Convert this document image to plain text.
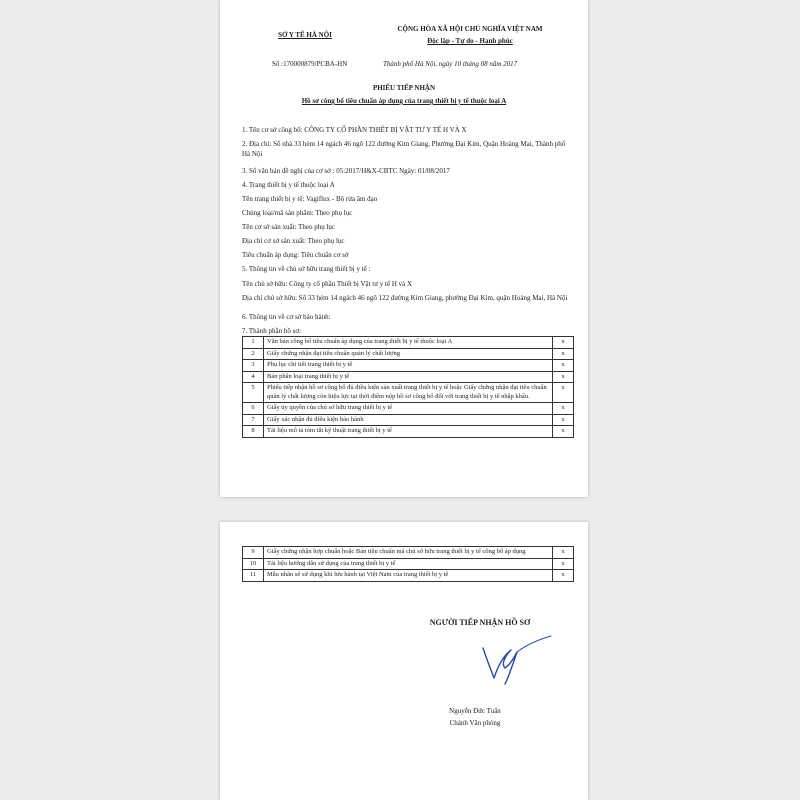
SỞ Y TẾ HÀ NỘI
CỘNG HÒA XÃ HỘI CHỦ NGHĨA VIỆT NAM
Độc lập - Tự do - Hạnh phúc
Số :170000879/PCBA-HN	Thành phố Hà Nội, ngày 10 tháng 08 năm 2017
PHIẾU TIẾP NHẬN
Hồ sơ công bố tiêu chuẩn áp dụng của trang thiết bị y tế thuộc loại A
1. Tên cơ sở công bố: CÔNG TY CỔ PHẦN THIẾT BỊ VẬT TƯ Y TẾ H VÀ X
2. Địa chỉ: Số nhà 33 hẻm 14 ngách 46 ngõ 122 đường Kim Giang, Phường Đại Kim, Quận Hoàng Mai, Thành phố Hà Nội
3. Số văn bản đề nghị của cơ sở : 05:2017/H&X-CBTC Ngày: 01/08/2017
4. Trang thiết bị y tế thuộc loại A
Tên trang thiết bị y tế: Vagiflux - Bộ rửa âm đạo
Chủng loại/mã sản phẩm: Theo phụ lục
Tên cơ sở sản xuất: Theo phụ lục
Địa chỉ cơ sở sản xuất: Theo phụ lục
Tiêu chuẩn áp dụng: Tiêu chuẩn cơ sở
5. Thông tin về chủ sở hữu trang thiết bị y tế :
Tên chủ sở hữu: Công ty cổ phần Thiết bị Vật tư y tế H và X
Địa chỉ chủ sở hữu: Số 33 hẻm 14 ngách 46 ngõ 122 đường Kim Giang, phường Đại Kim, quận Hoàng Mai, Hà Nội
6. Thông tin về cơ sở bảo hành:
7. Thành phần hồ sơ:
1	Văn bản công bố tiêu chuẩn áp dụng của trang thiết bị y tế thuộc loại A	x
2	Giấy chứng nhận đạt tiêu chuẩn quản lý chất lượng	x
3	Phụ lục chi tiết trang thiết bị y tế	x
4	Bản phân loại trang thiết bị y tế	x
5	Phiếu tiếp nhận hồ sơ công bố đủ điều kiện sản xuất trang thiết bị y tế hoặc Giấy chứng nhận đạt tiêu chuẩn quản lý chất lượng còn hiệu lực tại thời điểm nộp hồ sơ công bố đối với trang thiết bị y tế nhập khẩu.	x
6	Giấy ủy quyền của chủ sở hữu trang thiết bị y tế	x
7	Giấy xác nhận đủ điều kiện bảo hành	x
8	Tài liệu mô tả tóm tắt kỹ thuật trang thiết bị y tế	x
9	Giấy chứng nhận hợp chuẩn hoặc Bản tiêu chuẩn mà chủ sở hữu trang thiết bị y tế công bố áp dụng	x
10	Tài liệu hướng dẫn sử dụng của trang thiết bị y tế	x
11	Mẫu nhãn sẽ sử dụng khi lưu hành tại Việt Nam của trang thiết bị y tế	x
NGƯỜI TIẾP NHẬN HỒ SƠ
Nguyễn Đức Tuấn
Chánh Văn phòng
